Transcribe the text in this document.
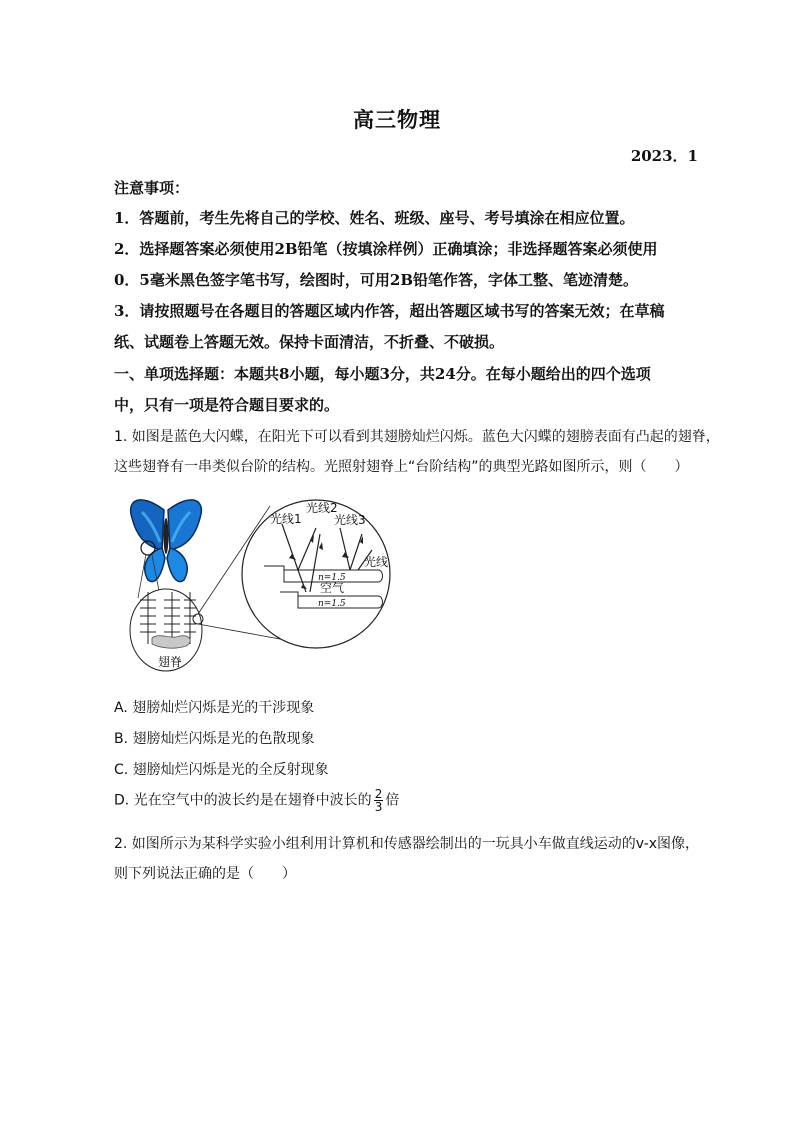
高三物理
2023．1
注意事项：
1．答题前，考生先将自己的学校、姓名、班级、座号、考号填涂在相应位置。
2．选择题答案必须使用2B铅笔（按填涂样例）正确填涂；非选择题答案必须使用
0．5毫米黑色签字笔书写，绘图时，可用2B铅笔作答，字体工整、笔迹清楚。
3．请按照题号在各题目的答题区域内作答，超出答题区域书写的答案无效；在草稿
纸、试题卷上答题无效。保持卡面清洁，不折叠、不破损。
一、单项选择题：本题共8小题，每小题3分，共24分。在每小题给出的四个选项
中，只有一项是符合题目要求的。
1. 如图是蓝色大闪蝶，在阳光下可以看到其翅膀灿烂闪烁。蓝色大闪蝶的翅膀表面有凸起的翅脊，
这些翅脊有一串类似台阶的结构。光照射翅脊上“台阶结构”的典型光路如图所示，则（　　）
翅脊
光线1
光线2
光线3
光线
n=1.5
空气
n=1.5
A. 翅膀灿烂闪烁是光的干涉现象
B. 翅膀灿烂闪烁是光的色散现象
C. 翅膀灿烂闪烁是光的全反射现象
D. 光在空气中的波长约是在翅脊中波长的 $\frac{2}{3}$ 倍
2. 如图所示为某科学实验小组利用计算机和传感器绘制出的一玩具小车做直线运动的v-x图像，
则下列说法正确的是（　　）
